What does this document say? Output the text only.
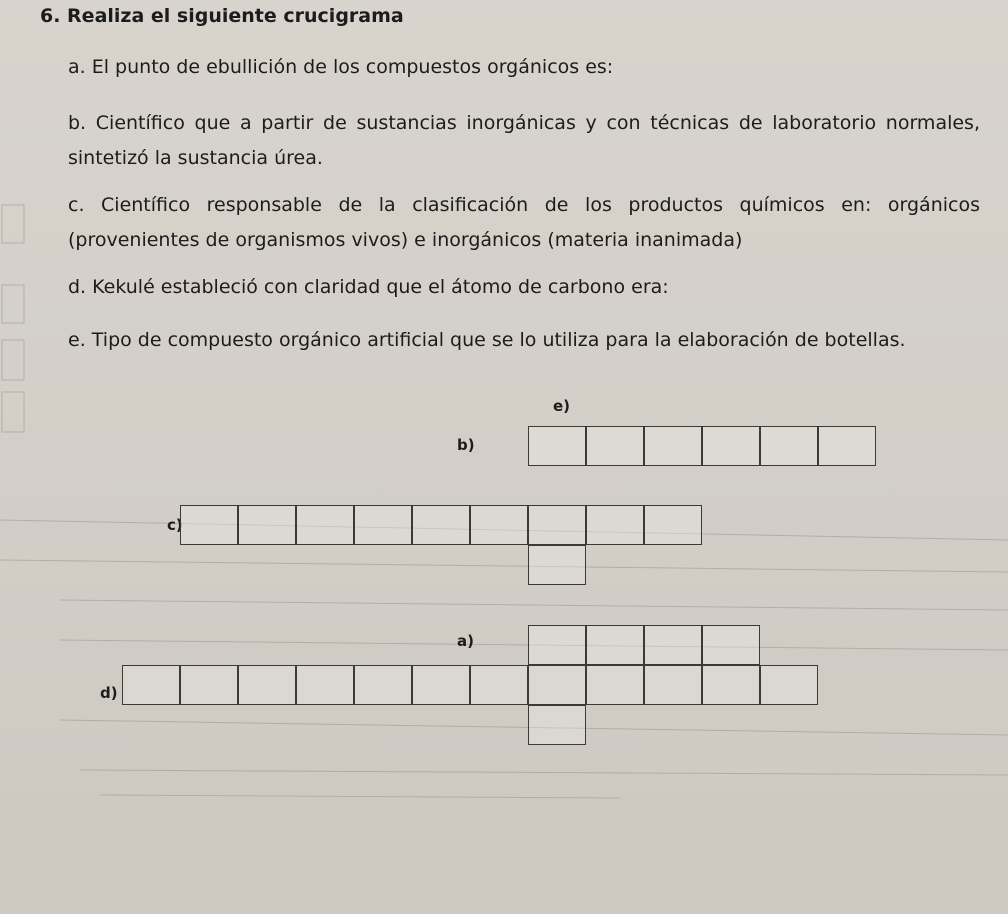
6. Realiza el siguiente crucigrama
a. El punto de ebullición de los compuestos orgánicos es:
b. Científico que a partir de sustancias inorgánicas y con técnicas de laboratorio normales, sintetizó la sustancia úrea.
c. Científico responsable de la clasificación de los productos químicos en: orgánicos (provenientes de organismos vivos) e inorgánicos (materia inanimada)
d. Kekulé estableció con claridad que el átomo de carbono era:
e. Tipo de compuesto orgánico artificial que se lo utiliza para la elaboración de botellas.
e)
b)
c)
a)
d)
